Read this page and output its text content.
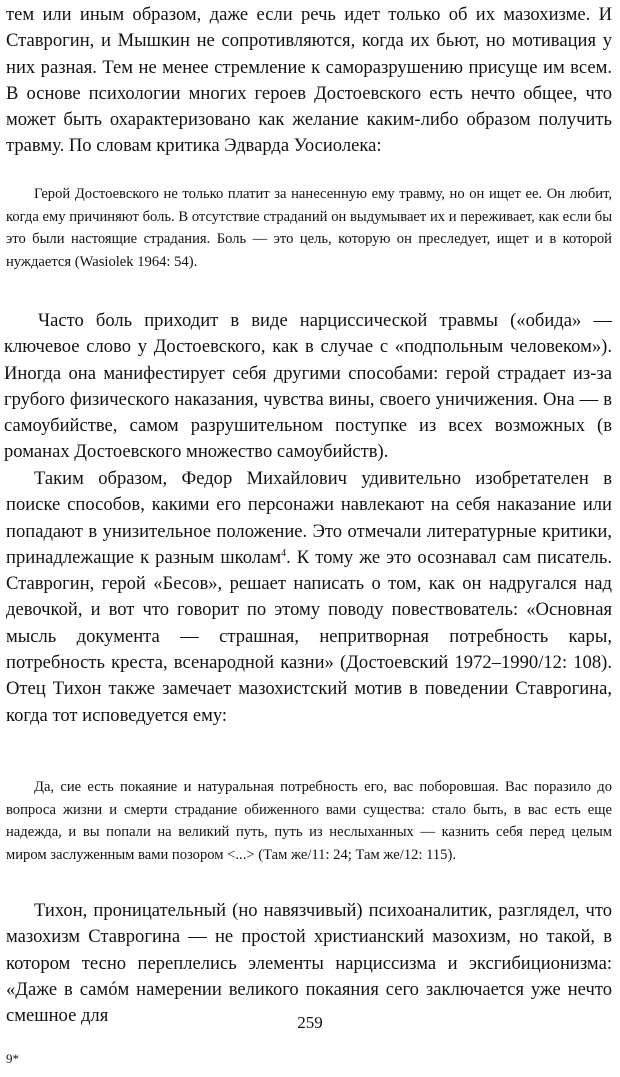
тем или иным образом, даже если речь идет только об их мазохизме. И Ставрогин, и Мышкин не сопротивляются, когда их бьют, но мотивация у них разная. Тем не менее стремление к саморазрушению присуще им всем. В основе психологии многих героев Достоевского есть нечто общее, что может быть охарактеризовано как желание каким-либо образом получить травму. По словам критика Эдварда Уосиолека:

Герой Достоевского не только платит за нанесенную ему травму, но он ищет ее. Он любит, когда ему причиняют боль. В отсутствие страданий он выдумывает их и переживает, как если бы это были настоящие страдания. Боль — это цель, которую он преследует, ищет и в которой нуждается (Wasiolek 1964: 54).

Часто боль приходит в виде нарциссической травмы («обида» — ключевое слово у Достоевского, как в случае с «подпольным человеком»). Иногда она манифестирует себя другими способами: герой страдает из-за грубого физического наказания, чувства вины, своего уничижения. Она — в самоубийстве, самом разрушительном поступке из всех возможных (в романах Достоевского множество самоубийств).

Таким образом, Федор Михайлович удивительно изобретателен в поиске способов, какими его персонажи навлекают на себя наказание или попадают в унизительное положение. Это отмечали литературные критики, принадлежащие к разным школам$^4$. К тому же это осознавал сам писатель. Ставрогин, герой «Бесов», решает написать о том, как он надругался над девочкой, и вот что говорит по этому поводу повествователь: «Основная мысль документа — страшная, непритворная потребность кары, потребность креста, всенародной казни» (Достоевский 1972–1990/12: 108). Отец Тихон также замечает мазохистский мотив в поведении Ставрогина, когда тот исповедуется ему:

Да, сие есть покаяние и натуральная потребность его, вас поборовшая. Вас поразило до вопроса жизни и смерти страдание обиженного вами существа: стало быть, в вас есть еще надежда, и вы попали на великий путь, путь из неслыханных — казнить себя перед целым миром заслуженным вами позором <...> (Там же/11: 24; Там же/12: 115).

Тихон, проницательный (но навязчивый) психоаналитик, разглядел, что мазохизм Ставрогина — не простой христианский мазохизм, но такой, в котором тесно переплелись элементы нарциссизма и эксгибиционизма: «Даже в самóм намерении великого покаяния сего заключается уже нечто смешное для	259
9*
